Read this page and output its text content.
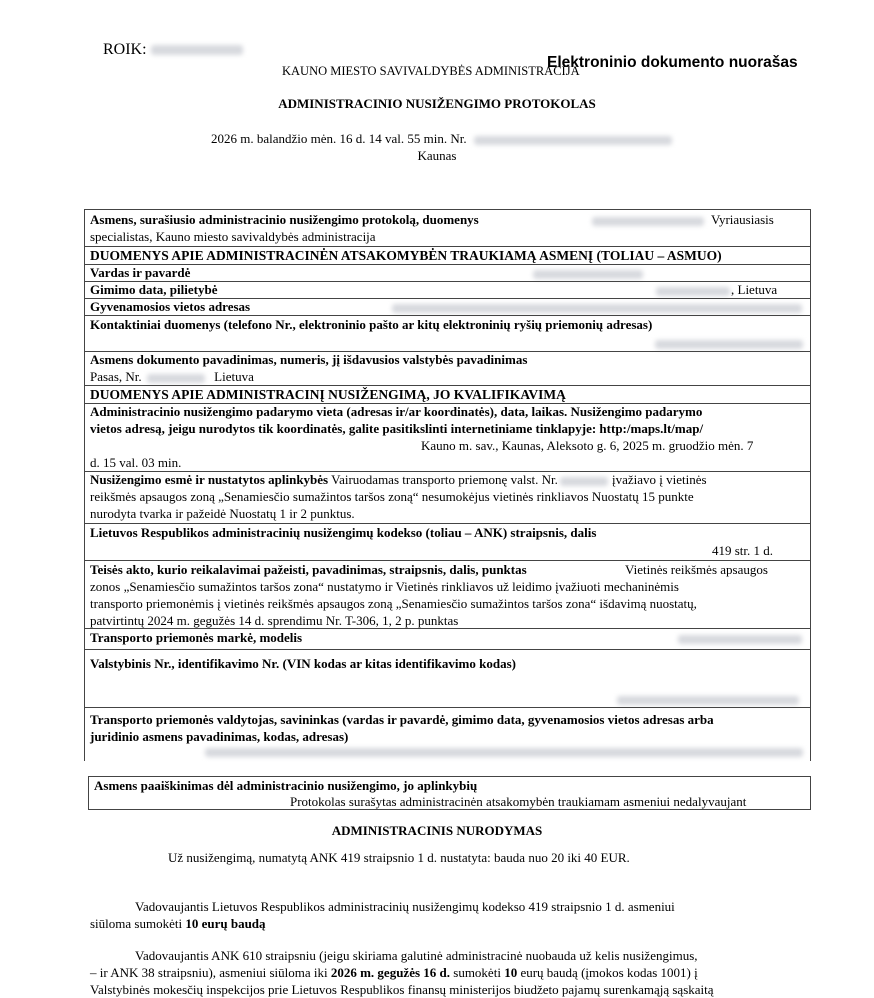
ROIK:
KAUNO MIESTO SAVIVALDYBĖS ADMINISTRACIJA
Elektroninio dokumento nuorašas
ADMINISTRACINIO NUSIŽENGIMO PROTOKOLAS
2026 m. balandžio mėn. 16 d. 14 val. 55 min. Nr.
Kaunas
Asmens, surašiusio administracinio nusižengimo protokolą, duomenys	Vyriausiasis
specialistas, Kauno miesto savivaldybės administracija
DUOMENYS APIE ADMINISTRACINĖN ATSAKOMYBĖN TRAUKIAMĄ ASMENĮ (TOLIAU – ASMUO)
Vardas ir pavardė
Gimimo data, pilietybė	, Lietuva
Gyvenamosios vietos adresas
Kontaktiniai duomenys (telefono Nr., elektroninio pašto ar kitų elektroninių ryšių priemonių adresas)
Asmens dokumento pavadinimas, numeris, jį išdavusios valstybės pavadinimas
Pasas, Nr.	Lietuva
DUOMENYS APIE ADMINISTRACINĮ NUSIŽENGIMĄ, JO KVALIFIKAVIMĄ
Administracinio nusižengimo padarymo vieta (adresas ir/ar koordinatės), data, laikas. Nusižengimo padarymo
vietos adresą, jeigu nurodytos tik koordinatės, galite pasitikslinti internetiniame tinklapyje: http:/maps.lt/map/
Kauno m. sav., Kaunas, Aleksoto g. 6, 2025 m. gruodžio mėn. 7
d. 15 val. 03 min.
Nusižengimo esmė ir nustatytos aplinkybės Vairuodamas transporto priemonę valst. Nr.	įvažiavo į vietinės
reikšmės apsaugos zoną „Senamiesčio sumažintos taršos zoną“ nesumokėjus vietinės rinkliavos Nuostatų 15 punkte
nurodyta tvarka ir pažeidė Nuostatų 1 ir 2 punktus.
Lietuvos Respublikos administracinių nusižengimų kodekso (toliau – ANK) straipsnis, dalis
419 str. 1 d.
Teisės akto, kurio reikalavimai pažeisti, pavadinimas, straipsnis, dalis, punktas	Vietinės reikšmės apsaugos
zonos „Senamiesčio sumažintos taršos zona“ nustatymo ir Vietinės rinkliavos už leidimo įvažiuoti mechaninėmis
transporto priemonėmis į vietinės reikšmės apsaugos zoną „Senamiesčio sumažintos taršos zona“ išdavimą nuostatų,
patvirtintų 2024 m. gegužės 14 d. sprendimu Nr. T-306, 1, 2 p. punktas
Transporto priemonės markė, modelis
Valstybinis Nr., identifikavimo Nr. (VIN kodas ar kitas identifikavimo kodas)
Transporto priemonės valdytojas, savininkas (vardas ir pavardė, gimimo data, gyvenamosios vietos adresas arba
juridinio asmens pavadinimas, kodas, adresas)
Asmens paaiškinimas dėl administracinio nusižengimo, jo aplinkybių
Protokolas surašytas administracinėn atsakomybėn traukiamam asmeniui nedalyvaujant
ADMINISTRACINIS NURODYMAS
Už nusižengimą, numatytą ANK 419 straipsnio 1 d. nustatyta: bauda nuo 20 iki 40 EUR.
Vadovaujantis Lietuvos Respublikos administracinių nusižengimų kodekso 419 straipsnio 1 d. asmeniui
siūloma sumokėti 10 eurų baudą
Vadovaujantis ANK 610 straipsniu (jeigu skiriama galutinė administracinė nuobauda už kelis nusižengimus,
– ir ANK 38 straipsniu), asmeniui siūloma iki 2026 m. gegužės 16 d. sumokėti 10 eurų baudą (įmokos kodas 1001) į
Valstybinės mokesčių inspekcijos prie Lietuvos Respublikos finansų ministerijos biudžeto pajamų surenkamąją sąskaitą
